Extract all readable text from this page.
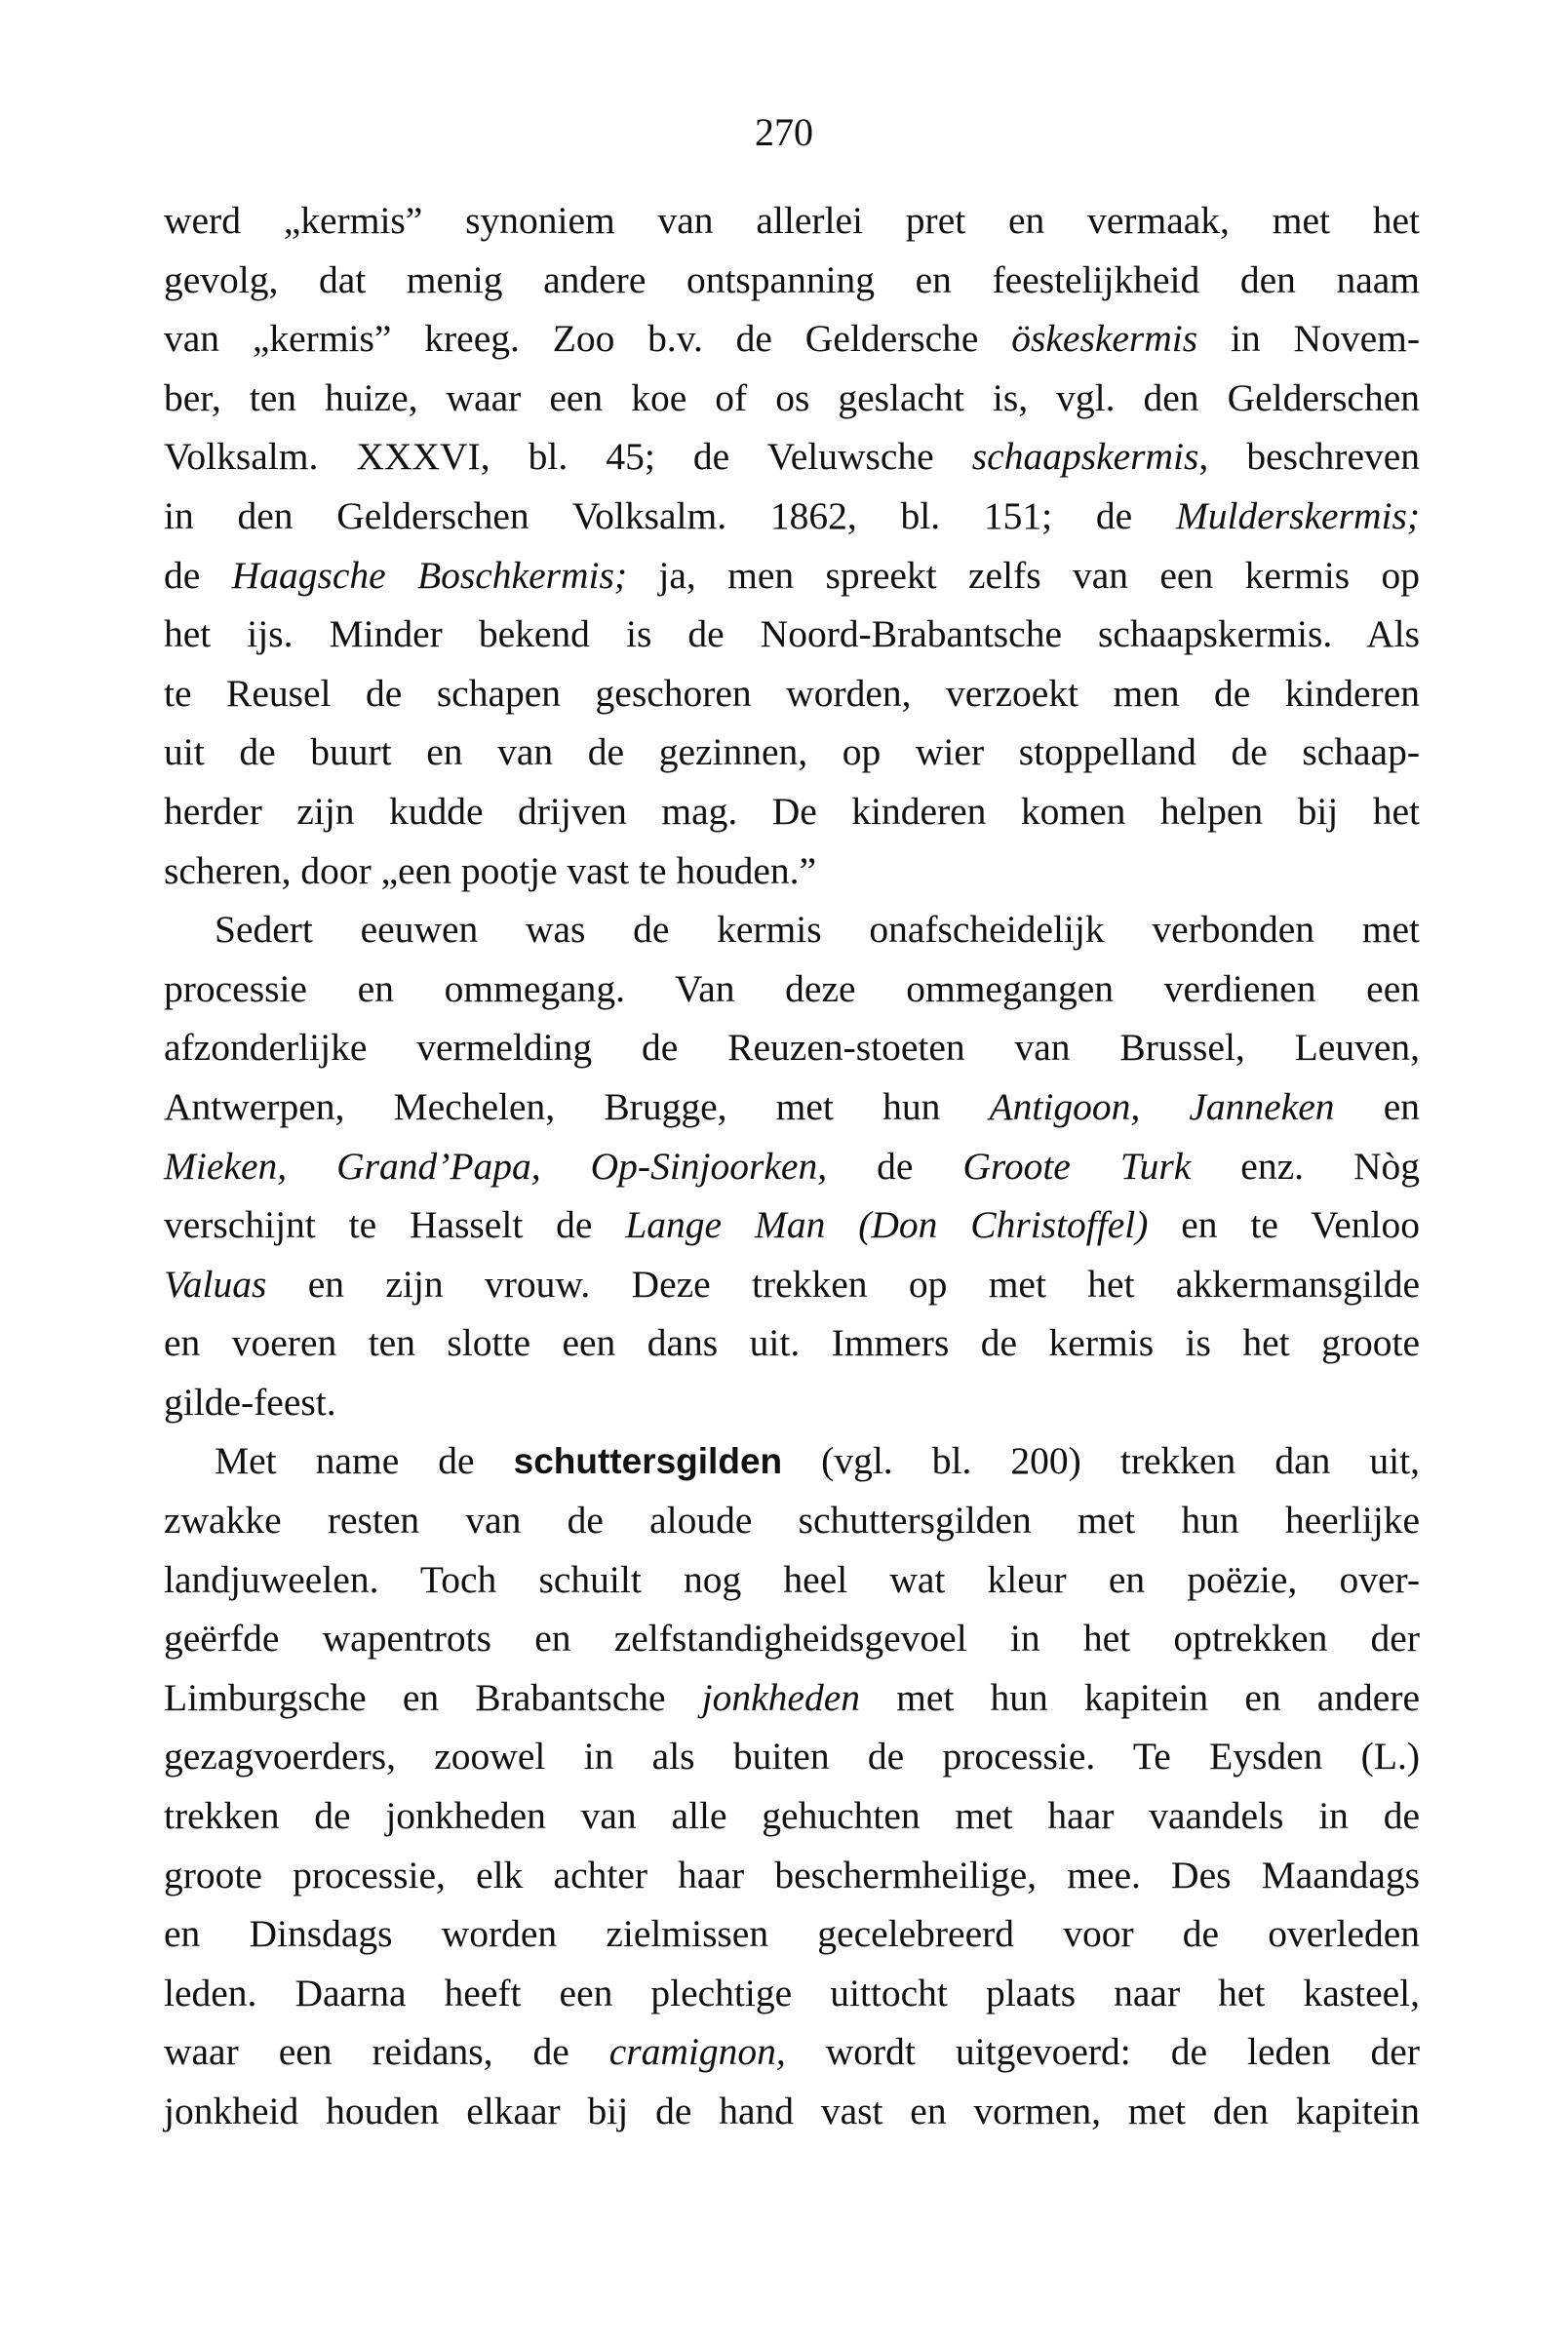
270
werd „kermis” synoniem van allerlei pret en vermaak, met het
gevolg, dat menig andere ontspanning en feestelijkheid den naam
van „kermis” kreeg. Zoo b.v. de Geldersche öskeskermis in Novem-
ber, ten huize, waar een koe of os geslacht is, vgl. den Gelderschen
Volksalm. XXXVI, bl. 45; de Veluwsche schaapskermis, beschreven
in den Gelderschen Volksalm. 1862, bl. 151; de Mulderskermis;
de Haagsche Boschkermis; ja, men spreekt zelfs van een kermis op
het ijs. Minder bekend is de Noord-Brabantsche schaapskermis. Als
te Reusel de schapen geschoren worden, verzoekt men de kinderen
uit de buurt en van de gezinnen, op wier stoppelland de schaap-
herder zijn kudde drijven mag. De kinderen komen helpen bij het
scheren, door „een pootje vast te houden.”
Sedert eeuwen was de kermis onafscheidelijk verbonden met
processie en ommegang. Van deze ommegangen verdienen een
afzonderlijke vermelding de Reuzen-stoeten van Brussel, Leuven,
Antwerpen, Mechelen, Brugge, met hun Antigoon, Janneken en
Mieken, Grand’Papa, Op-Sinjoorken, de Groote Turk enz. Nòg
verschijnt te Hasselt de Lange Man (Don Christoffel) en te Venloo
Valuas en zijn vrouw. Deze trekken op met het akkermansgilde
en voeren ten slotte een dans uit. Immers de kermis is het groote
gilde-feest.
Met name de schuttersgilden (vgl. bl. 200) trekken dan uit,
zwakke resten van de aloude schuttersgilden met hun heerlijke
landjuweelen. Toch schuilt nog heel wat kleur en poëzie, over-
geërfde wapentrots en zelfstandigheidsgevoel in het optrekken der
Limburgsche en Brabantsche jonkheden met hun kapitein en andere
gezagvoerders, zoowel in als buiten de processie. Te Eysden (L.)
trekken de jonkheden van alle gehuchten met haar vaandels in de
groote processie, elk achter haar beschermheilige, mee. Des Maandags
en Dinsdags worden zielmissen gecelebreerd voor de overleden
leden. Daarna heeft een plechtige uittocht plaats naar het kasteel,
waar een reidans, de cramignon, wordt uitgevoerd: de leden der
jonkheid houden elkaar bij de hand vast en vormen, met den kapitein
